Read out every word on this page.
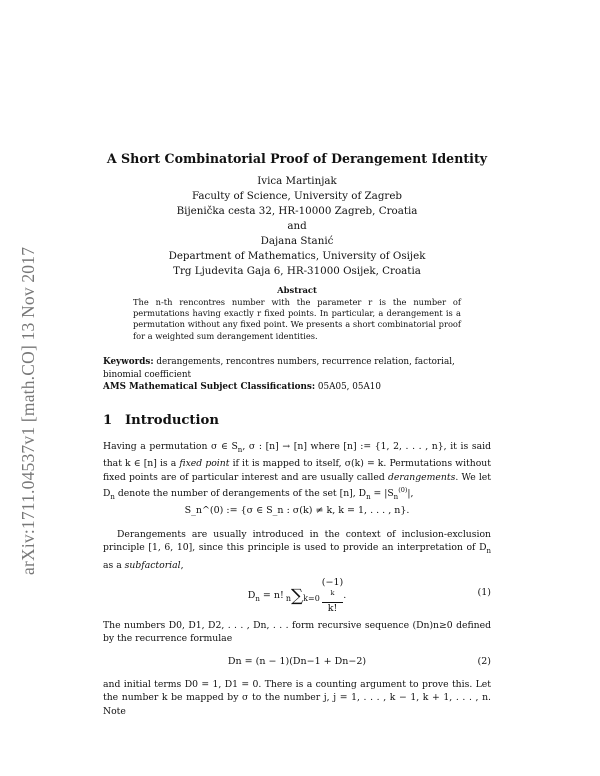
arXiv:1711.04537v1 [math.CO] 13 Nov 2017
A Short Combinatorial Proof of Derangement Identity
Ivica Martinjak
Faculty of Science, University of Zagreb
Bijenička cesta 32, HR-10000 Zagreb, Croatia
and
Dajana Stanić
Department of Mathematics, University of Osijek
Trg Ljudevita Gaja 6, HR-31000 Osijek, Croatia
Abstract
The n-th rencontres number with the parameter r is the number of permutations having exactly r fixed points. In particular, a derangement is a permutation without any fixed point. We presents a short combinatorial proof for a weighted sum derangement identities.
Keywords: derangements, rencontres numbers, recurrence relation, factorial, binomial coefficient
AMS Mathematical Subject Classifications: 05A05, 05A10
1 Introduction
Having a permutation σ ∈ $S_n$, σ : [n] → [n] where [n] := {1, 2, . . . , n}, it is said that k ∈ [n] is a fixed point if it is mapped to itself, σ(k) = k. Permutations without fixed points are of particular interest and are usually called derangements. We let $D_n$ denote the number of derangements of the set [n], $D_n = |S_n^{(0)}|$,
S_n^(0) := {σ ∈ S_n : σ(k) ≠ k, k = 1, . . . , n}.
Derangements are usually introduced in the context of inclusion-exclusion principle [1, 6, 10], since this principle is used to provide an interpretation of $D_n$ as a subfactorial,
$D_n = n$! n∑k=0 (−1)
$^k$
k! .	(1)
The numbers D0, D1, D2, . . . , Dn, . . . form recursive sequence (Dn)n≥0 defined by the recurrence formulae
Dn = (n − 1)(Dn−1 + Dn−2)	(2)
and initial terms D0 = 1, D1 = 0. There is a counting argument to prove this. Let the number k be mapped by σ to the number j, j = 1, . . . , k − 1, k + 1, . . . , n. Note
